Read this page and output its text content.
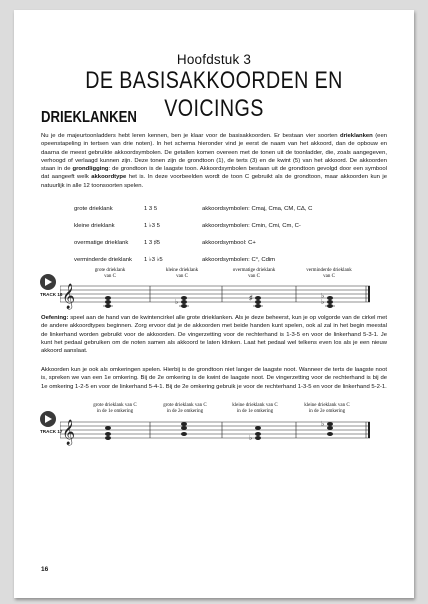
Hoofdstuk 3
DE BASISAKKOORDEN EN VOICINGS
DRIEKLANKEN
Nu je de majeurtoonladders hebt leren kennen, ben je klaar voor de basisakkoorden. Er bestaan vier soorten drieklanken (een opeenstapeling in tertsen van drie noten). In het schema hieronder vind je eerst de naam van het akkoord, dan de opbouw en daarna de meest gebruikte akkoordsymbolen. De getallen komen overeen met de tonen uit de toonladder, die, zoals aangegeven, verhoogd of verlaagd kunnen zijn. Deze tonen zijn de grondtoon (1), de terts (3) en de kwint (5) van het akkoord. De akkoorden staan in de grondligging: de grondtoon is de laagste toon. Akkoordsymbolen bestaan uit de grondtoon gevolgd door een symbool dat aangeeft welk akkoordtype het is. In deze voorbeelden wordt de toon C gebruikt als de grondtoon, maar akkoorden kun je natuurlijk in alle 12 toonsoorten spelen.
grote drieklank	1 3 5	akkoordsymbolen: Cmaj, Cma, CM, CΔ, C
kleine drieklank	1 ♭3 5	akkoordsymbolen: Cmin, Cmi, Cm, C-
overmatige drieklank	1 3 ♯5	akkoordsymbool: C+
verminderde drieklank	1 ♭3 ♭5	akkoordsymbolen: C°, Cdim
TRACK 16
grote drieklank
van C
kleine drieklank
van C
overmatige drieklank
van C
verminderde drieklank
van C
𝄞	♭
♯
♭
♭
Oefening: speel aan de hand van de kwintencirkel alle grote drieklanken. Als je deze beheerst, kun je op volgorde van de cirkel met de andere akkoordtypes beginnen. Zorg ervoor dat je de akkoorden met beide handen kunt spelen, ook al zal in het begin meestal de linkerhand worden gebruikt voor de akkoorden. De vingerzetting voor de rechterhand is 1-3-5 en voor de linkerhand 5-3-1. Je kunt het pedaal gebruiken om de noten samen als akkoord te laten klinken. Laat het pedaal wel telkens even los als je een nieuw akkoord aanslaat.
Akkoorden kun je ook als omkeringen spelen. Hierbij is de grondtoon niet langer de laagste noot. Wanneer de terts de laagste noot is, spreken we van een 1e omkering. Bij de 2e omkering is de kwint de laagste noot. De vingerzetting voor de rechterhand is bij de 1e omkering 1-2-5 en voor de linkerhand 5-4-1. Bij de 2e omkering gebruik je voor de rechterhand 1-3-5 en voor de linkerhand 5-2-1.
TRACK 17
grote drieklank van C
in de 1e omkering
grote drieklank van C
in de 2e omkering
kleine drieklank van C
in de 1e omkering
kleine drieklank van C
in de 2e omkering
𝄞	♭
♭
16
